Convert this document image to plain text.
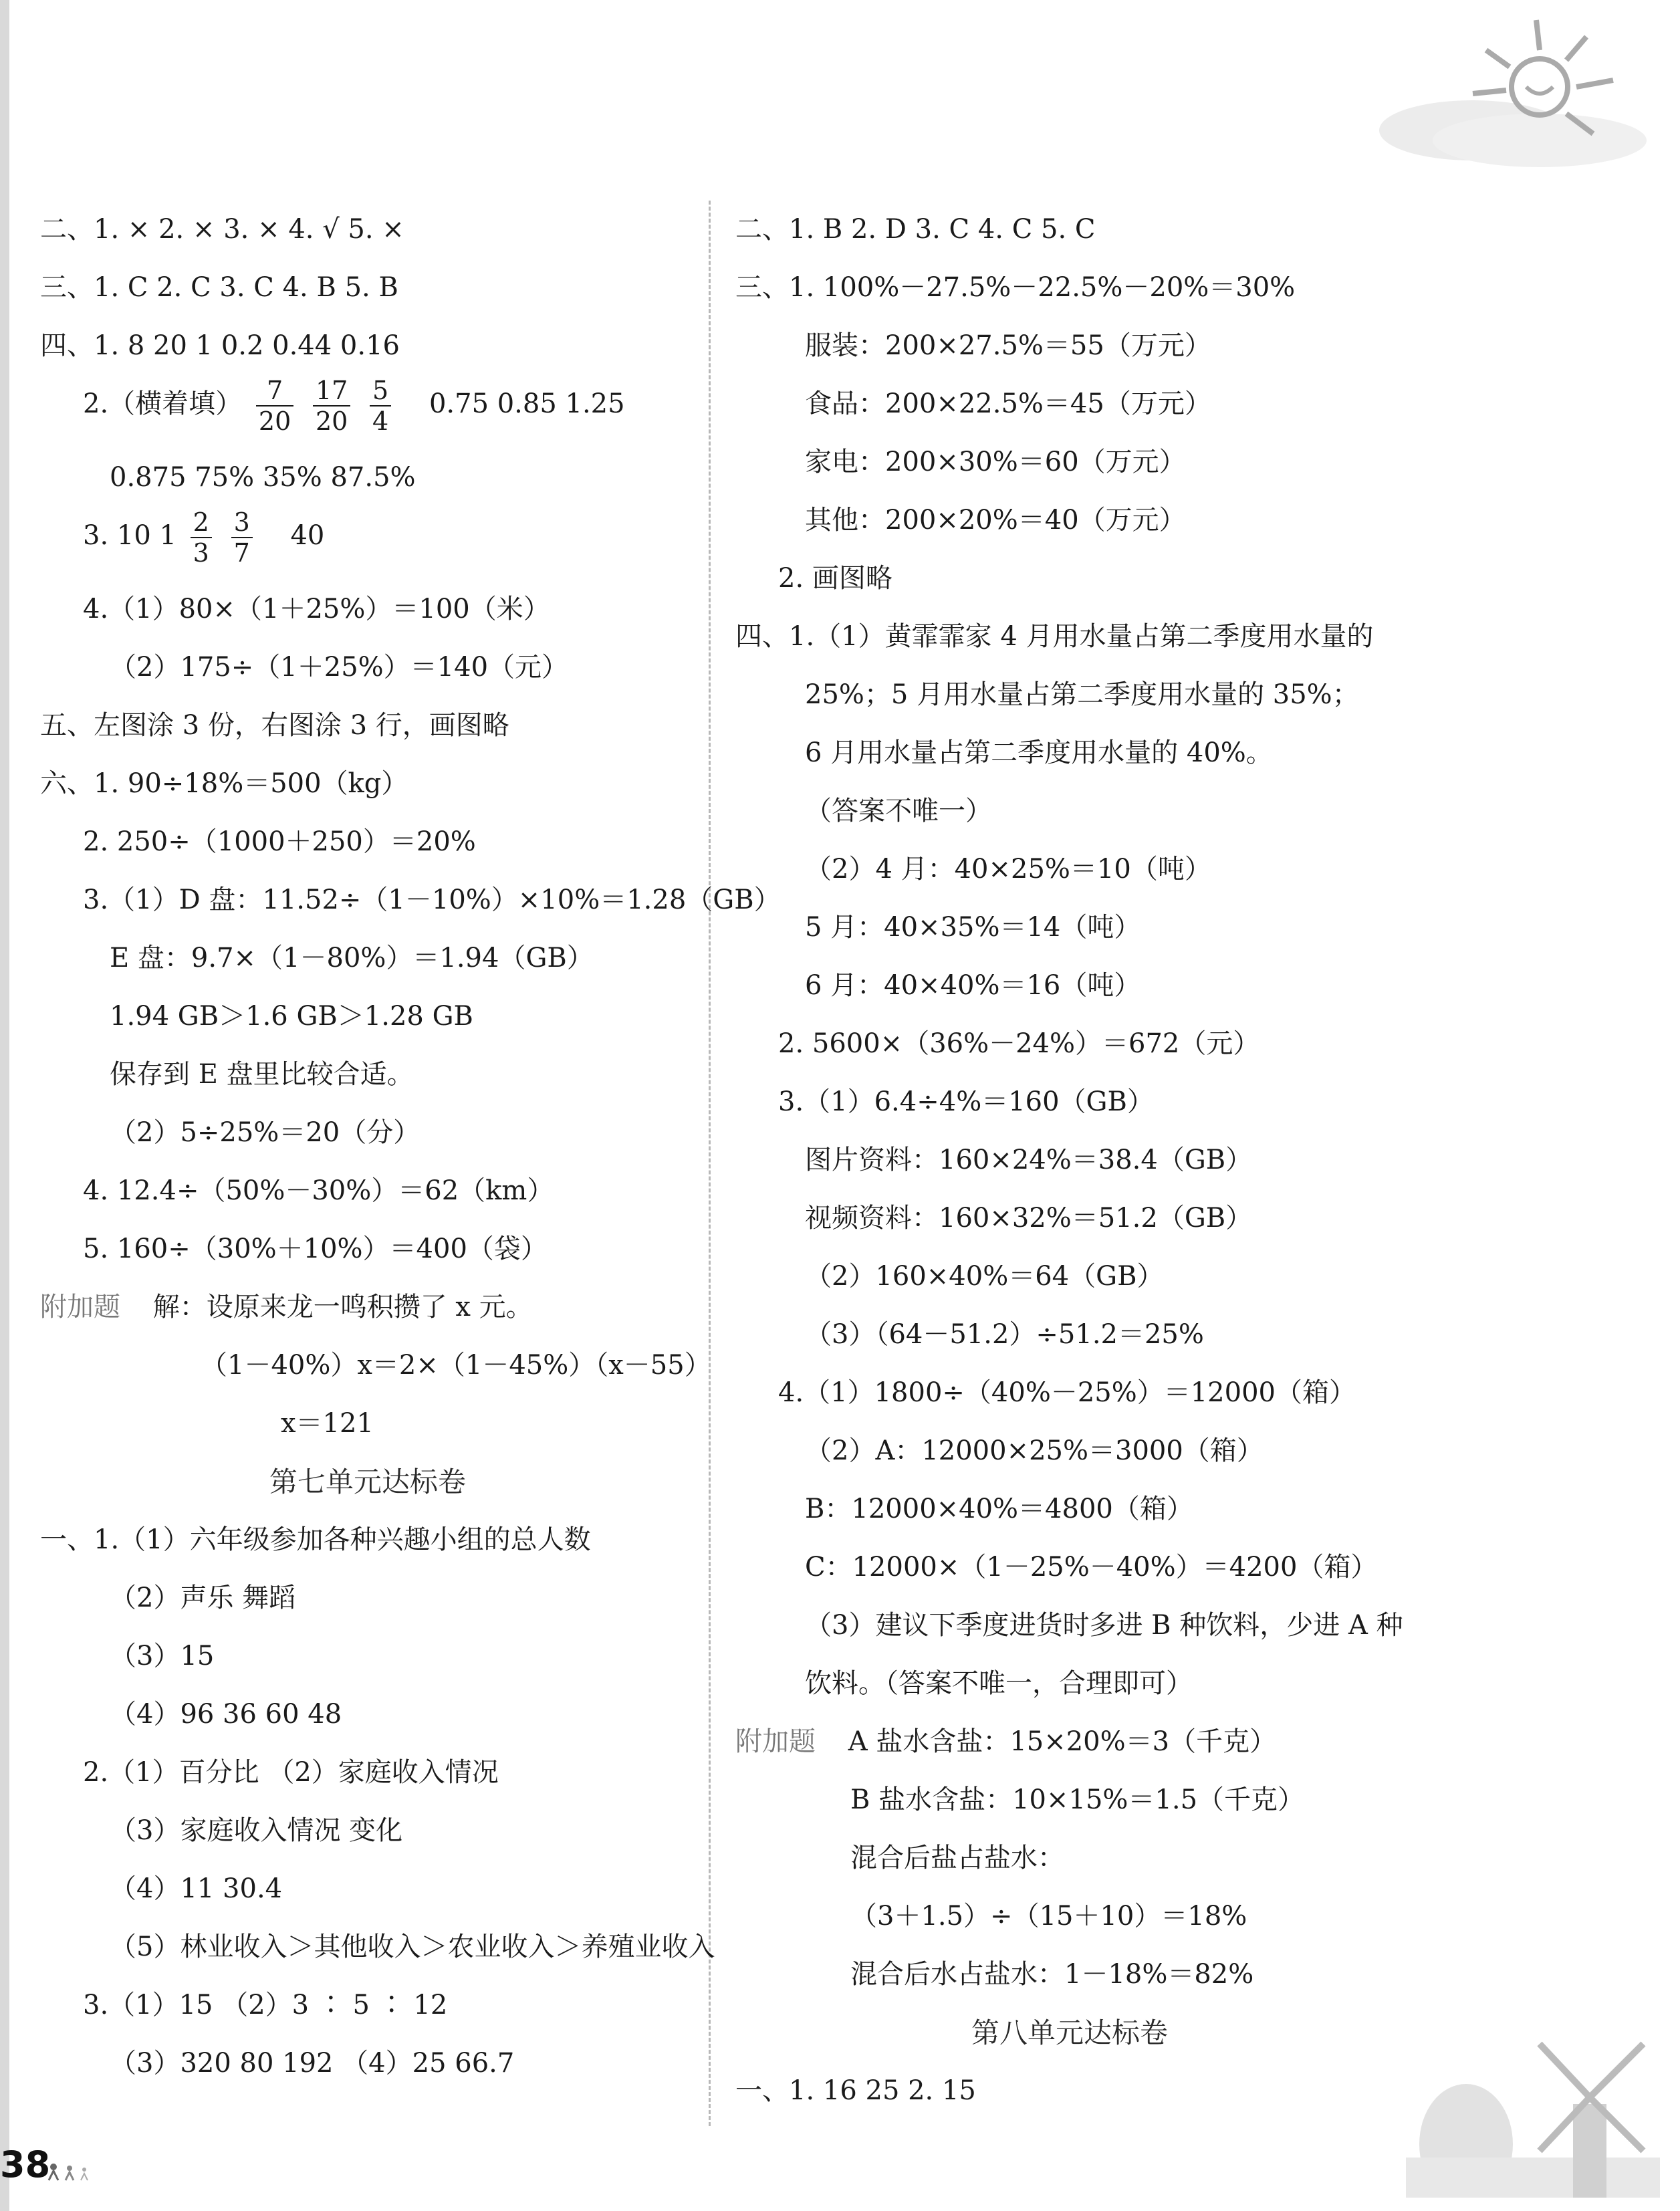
二、1. × 2. × 3. × 4. √ 5. ×
三、1. C 2. C 3. C 4. B 5. B
四、1. 8 20 1 0.2 0.44 0.16
2.（横着填） $\frac{7}{20}$
$\frac{17}{20}$
$\frac{5}{4} 0.75$ 0.85 1.25
0.875 75% 35% 87.5%
3. 10 $1 \frac{2}{3}$
$\frac{3}{7} 40$
4.（1）80×（1＋25%）＝100（米）
（2）175÷（1＋25%）＝140（元）
五、左图涂 3 份，右图涂 3 行，画图略
六、1. 90÷18%＝500（kg）
2. 250÷（1000＋250）＝20%
3.（1）D 盘：11.52÷（1－10%）×10%＝1.28（GB）
E 盘：9.7×（1－80%）＝1.94（GB）
1.94 GB＞1.6 GB＞1.28 GB
保存到 E 盘里比较合适。
（2）5÷25%＝20（分）
4. 12.4÷（50%－30%）＝62（km）
5. 160÷（30%＋10%）＝400（袋）
附加题 解：设原来龙一鸣积攒了 x 元。
（1－40%）x＝2×（1－45%）（x－55）
x＝121
第七单元达标卷
一、1.（1）六年级参加各种兴趣小组的总人数
（2）声乐 舞蹈
（3）15
（4）96 36 60 48
2.（1）百分比 （2）家庭收入情况
（3）家庭收入情况 变化
（4）11 30.4
（5）林业收入＞其他收入＞农业收入＞养殖业收入
3.（1）15 （2）3 ∶ 5 ∶ 12
（3）320 80 192 （4）25 66.7
二、1. B 2. D 3. C 4. C 5. C
三、1. 100%－27.5%－22.5%－20%＝30%
服装：200×27.5%＝55（万元）
食品：200×22.5%＝45（万元）
家电：200×30%＝60（万元）
其他：200×20%＝40（万元）
2. 画图略
四、1.（1）黄霏霏家 4 月用水量占第二季度用水量的
25%；5 月用水量占第二季度用水量的 35%；
6 月用水量占第二季度用水量的 40%。
（答案不唯一）
（2）4 月：40×25%＝10（吨）
5 月：40×35%＝14（吨）
6 月：40×40%＝16（吨）
2. 5600×（36%－24%）＝672（元）
3.（1）6.4÷4%＝160（GB）
图片资料：160×24%＝38.4（GB）
视频资料：160×32%＝51.2（GB）
（2）160×40%＝64（GB）
（3）（64－51.2）÷51.2＝25%
4.（1）1800÷（40%－25%）＝12000（箱）
（2）A：12000×25%＝3000（箱）
B：12000×40%＝4800（箱）
C：12000×（1－25%－40%）＝4200（箱）
（3）建议下季度进货时多进 B 种饮料，少进 A 种
饮料。（答案不唯一，合理即可）
附加题 A 盐水含盐：15×20%＝3（千克）
B 盐水含盐：10×15%＝1.5（千克）
混合后盐占盐水：
（3＋1.5）÷（15＋10）＝18%
混合后水占盐水：1－18%＝82%
第八单元达标卷
一、1. 16 25 2. 15
38
